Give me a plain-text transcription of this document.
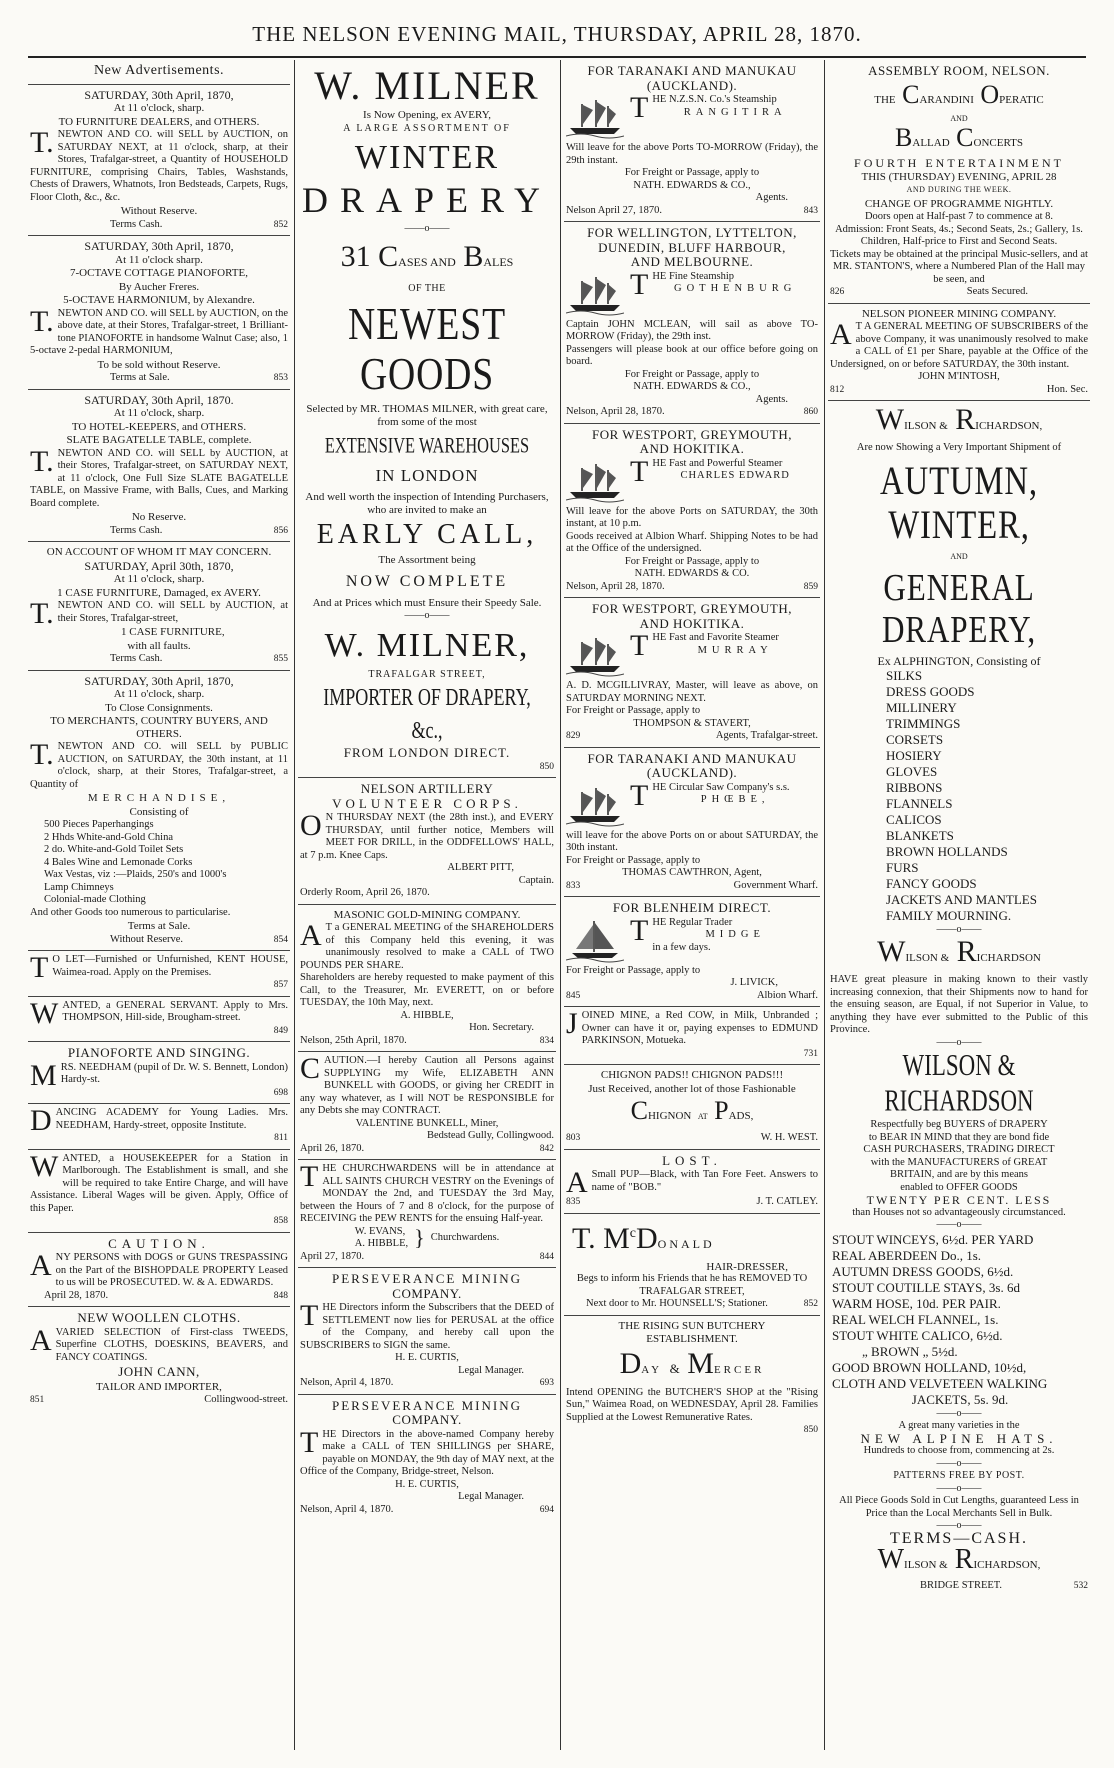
THE NELSON EVENING MAIL, THURSDAY, APRIL 28, 1870.
New Advertisements.
SATURDAY, 30th April, 1870,
At 11 o'clock, sharp.
TO FURNITURE DEALERS, and OTHERS.
T. NEWTON AND CO. will SELL by AUCTION, on SATURDAY NEXT, at 11 o'clock, sharp, at their Stores, Trafalgar-street, a Quantity of HOUSEHOLD FURNITURE, comprising Chairs, Tables, Washstands, Chests of Drawers, Whatnots, Iron Bedsteads, Carpets, Rugs, Floor Cloth, &c., &c.
Without Reserve.
Terms Cash.	852
SATURDAY, 30th April, 1870,
At 11 o'clock sharp.
7-OCTAVE COTTAGE PIANOFORTE,
By Aucher Freres.
5-OCTAVE HARMONIUM, by Alexandre.
T. NEWTON AND CO. will SELL by AUCTION, on the above date, at their Stores, Trafalgar-street, 1 Brilliant-tone PIANOFORTE in handsome Walnut Case; also, 1 5-octave 2-pedal HARMONIUM,
To be sold without Reserve.
Terms at Sale.	853
SATURDAY, 30th April, 1870.
At 11 o'clock, sharp.
TO HOTEL-KEEPERS, and OTHERS.
SLATE BAGATELLE TABLE, complete.
T. NEWTON AND CO. will SELL by AUCTION, at their Stores, Trafalgar-street, on SATURDAY NEXT, at 11 o'clock, One Full Size SLATE BAGATELLE TABLE, on Massive Frame, with Balls, Cues, and Marking Board complete.
No Reserve.
Terms Cash.	856
ON ACCOUNT OF WHOM IT MAY CONCERN.
SATURDAY, April 30th, 1870,
At 11 o'clock, sharp.
1 CASE FURNITURE, Damaged, ex AVERY.
T. NEWTON AND CO. will SELL by AUCTION, at their Stores, Trafalgar-street,
1 CASE FURNITURE,
with all faults.
Terms Cash.	855
SATURDAY, 30th April, 1870,
At 11 o'clock, sharp.
To Close Consignments.
TO MERCHANTS, COUNTRY BUYERS, AND OTHERS.
T. NEWTON AND CO. will SELL by PUBLIC AUCTION, on SATURDAY, the 30th instant, at 11 o'clock, sharp, at their Stores, Trafalgar-street, a Quantity of
MERCHANDISE,
Consisting of
500 Pieces Paperhangings
2 Hhds White-and-Gold China
2 do. White-and-Gold Toilet Sets
4 Bales Wine and Lemonade Corks
Wax Vestas, viz :—Plaids, 250's and 1000's
Lamp Chimneys
Colonial-made Clothing
And other Goods too numerous to particularise.
Terms at Sale.
Without Reserve.	854
T O LET—Furnished or Unfurnished, KENT HOUSE, Waimea-road. Apply on the Premises.
857
WANTED, a GENERAL SERVANT. Apply to Mrs. THOMPSON, Hill-side, Brougham-street.
849
PIANOFORTE AND SINGING.
MRS. NEEDHAM (pupil of Dr. W. S. Bennett, London) Hardy-st.
698
DANCING ACADEMY for Young Ladies. Mrs. NEEDHAM, Hardy-street, opposite Institute.
811
WANTED, a HOUSEKEEPER for a Station in Marlborough. The Establishment is small, and she will be required to take Entire Charge, and will have Assistance. Liberal Wages will be given. Apply, Office of this Paper.
858
CAUTION.
ANY PERSONS with DOGS or GUNS TRESPASSING on the Part of the BISHOPDALE PROPERTY Leased to us will be PROSECUTED. W. & A. EDWARDS.
April 28, 1870.	848
NEW WOOLLEN CLOTHS.
AVARIED SELECTION of First-class TWEEDS, Superfine CLOTHS, DOESKINS, BEAVERS, and FANCY COATINGS.
JOHN CANN,
TAILOR AND IMPORTER,
851	Collingwood-street.
W. MILNER
Is Now Opening, ex AVERY,
A LARGE ASSORTMENT OF
WINTER
DRAPERY
——o——
31 CASES AND BALES
OF THE
NEWEST GOODS
Selected by MR. THOMAS MILNER, with great care, from some of the most
EXTENSIVE WAREHOUSES
IN LONDON
And well worth the inspection of Intending Purchasers, who are invited to make an
EARLY CALL,
The Assortment being
NOW COMPLETE
And at Prices which must Ensure their Speedy Sale.
——o——
W. MILNER,
TRAFALGAR STREET,
IMPORTER OF DRAPERY, &c.,
FROM LONDON DIRECT.
850
NELSON ARTILLERY
VOLUNTEER CORPS.
O N THURSDAY NEXT (the 28th inst.), and EVERY THURSDAY, until further notice, Members will MEET FOR DRILL, in the ODDFELLOWS' HALL, at 7 p.m. Knee Caps.
ALBERT PITT,
Captain.
Orderly Room, April 26, 1870.
MASONIC GOLD-MINING COMPANY.
A T a GENERAL MEETING of the SHAREHOLDERS of this Company held this evening, it was unanimously resolved to make a CALL of TWO POUNDS PER SHARE.
Shareholders are hereby requested to make payment of this Call, to the Treasurer, Mr. EVERETT, on or before TUESDAY, the 10th May, next.
A. HIBBLE,
Hon. Secretary.
Nelson, 25th April, 1870.	834
CAUTION.—I hereby Caution all Persons against SUPPLYING my Wife, ELIZABETH ANN BUNKELL with GOODS, or giving her CREDIT in any way whatever, as I will NOT be RESPONSIBLE for any Debts she may CONTRACT.
VALENTINE BUNKELL, Miner,
Bedstead Gully, Collingwood.
April 26, 1870.	842
THE CHURCHWARDENS will be in attendance at ALL SAINTS CHURCH VESTRY on the Evenings of MONDAY the 2nd, and TUESDAY the 3rd May, between the Hours of 7 and 8 o'clock, for the purpose of RECEIVING the PEW RENTS for the ensuing Half-year.
W. EVANS,
A. HIBBLE, } Churchwardens.
April 27, 1870.	844
PERSEVERANCE MINING
COMPANY.
THE Directors inform the Subscribers that the DEED of SETTLEMENT now lies for PERUSAL at the office of the Company, and hereby call upon the SUBSCRIBERS to SIGN the same.
H. E. CURTIS,
Legal Manager.
Nelson, April 4, 1870.	693
PERSEVERANCE MINING
COMPANY.
THE Directors in the above-named Company hereby make a CALL of TEN SHILLINGS per SHARE, payable on MONDAY, the 9th day of MAY next, at the Office of the Company, Bridge-street, Nelson.
H. E. CURTIS,
Legal Manager.
Nelson, April 4, 1870.	694
FOR TARANAKI AND MANUKAU
(AUCKLAND).
THE N.Z.S.N. Co.'s Steamship
RANGITIRA
Will leave for the above Ports TO-MORROW (Friday), the 29th instant.
For Freight or Passage, apply to
NATH. EDWARDS & CO.,
Agents.
Nelson April 27, 1870.	843
FOR WELLINGTON, LYTTELTON,
DUNEDIN, BLUFF HARBOUR,
AND MELBOURNE.
THE Fine Steamship
GOTHENBURG
Captain JOHN MCLEAN, will sail as above TO-MORROW (Friday), the 29th inst.
Passengers will please book at our office before going on board.
For Freight or Passage, apply to
NATH. EDWARDS & CO.,
Agents.
Nelson, April 28, 1870.	860
FOR WESTPORT, GREYMOUTH,
AND HOKITIKA.
THE Fast and Powerful Steamer
CHARLES EDWARD
Will leave for the above Ports on SATURDAY, the 30th instant, at 10 p.m.
Goods received at Albion Wharf. Shipping Notes to be had at the Office of the undersigned.
For Freight or Passage, apply to
NATH. EDWARDS & CO.
Nelson, April 28, 1870.	859
FOR WESTPORT, GREYMOUTH,
AND HOKITIKA.
THE Fast and Favorite Steamer
MURRAY
A. D. MCGILLIVRAY, Master, will leave as above, on SATURDAY MORNING NEXT.
For Freight or Passage, apply to
THOMPSON & STAVERT,
829	Agents, Trafalgar-street.
FOR TARANAKI AND MANUKAU
(AUCKLAND).
THE Circular Saw Company's s.s.
PHŒBE,
will leave for the above Ports on or about SATURDAY, the 30th instant.
For Freight or Passage, apply to
THOMAS CAWTHRON, Agent,
833	Government Wharf.
FOR BLENHEIM DIRECT.
THE Regular Trader
MIDGE
in a few days.
For Freight or Passage, apply to
J. LIVICK,
845	Albion Wharf.
JOINED MINE, a Red COW, in Milk, Unbranded ; Owner can have it or, paying expenses to EDMUND PARKINSON, Motueka.
731
CHIGNON PADS!! CHIGNON PADS!!!
Just Received, another lot of those Fashionable
CHIGNON AT PADS,
803	W. H. WEST.
LOST.
A Small PUP—Black, with Tan Fore Feet. Answers to name of "BOB."
835	J. T. CATLEY.
T. $M^cDONALD$
HAIR-DRESSER,
Begs to inform his Friends that he has REMOVED TO TRAFALGAR STREET,
Next door to Mr. HOUNSELL'S; Stationer.	852
THE RISING SUN BUTCHERY
ESTABLISHMENT.
DAY & MERCER
Intend OPENING the BUTCHER'S SHOP at the "Rising Sun," Waimea Road, on WEDNESDAY, April 28. Families Supplied at the Lowest Remunerative Rates.
850
ASSEMBLY ROOM, NELSON.
THE CARANDINI OPERATIC
AND
BALLAD CONCERTS
FOURTH ENTERTAINMENT
THIS (THURSDAY) EVENING, APRIL 28
AND DURING THE WEEK.
CHANGE OF PROGRAMME NIGHTLY.
Doors open at Half-past 7 to commence at 8.
Admission: Front Seats, 4s.; Second Seats, 2s.; Gallery, 1s. Children, Half-price to First and Second Seats.
Tickets may be obtained at the principal Music-sellers, and at MR. STANTON'S, where a Numbered Plan of the Hall may be seen, and
826	Seats Secured.
NELSON PIONEER MINING COMPANY.
A T A GENERAL MEETING OF SUBSCRIBERS of the above Company, it was unanimously resolved to make a CALL of £1 per Share, payable at the Office of the Undersigned, on or before SATURDAY, the 30th instant.
JOHN M'INTOSH,
812	Hon. Sec.
WILSON & RICHARDSON,
Are now Showing a Very Important Shipment of
AUTUMN, WINTER,
AND
GENERAL DRAPERY,
Ex ALPHINGTON, Consisting of
SILKS
DRESS GOODS
MILLINERY
TRIMMINGS
CORSETS
HOSIERY
GLOVES
RIBBONS
FLANNELS
CALICOS
BLANKETS
BROWN HOLLANDS
FURS
FANCY GOODS
JACKETS AND MANTLES
FAMILY MOURNING.
——o——
WILSON & RICHARDSON
HAVE great pleasure in making known to their vastly increasing connexion, that their Shipments now to hand for the ensuing season, are Equal, if not Superior in Value, to anything they have ever submitted to the Public of this Province.
——o——
WILSON & RICHARDSON
Respectfully beg BUYERS of DRAPERY
to BEAR IN MIND that they are bond fide
CASH PURCHASERS, TRADING DIRECT
with the MANUFACTURERS of GREAT
BRITAIN, and are by this means
enabled to OFFER GOODS
TWENTY PER CENT. LESS
than Houses not so advantageously circumstanced.
——o——
STOUT WINCEYS, 6½d. PER YARD
REAL ABERDEEN Do., 1s.
AUTUMN DRESS GOODS, 6½d.
STOUT COUTILLE STAYS, 3s. 6d
WARM HOSE, 10d. PER PAIR.
REAL WELCH FLANNEL, 1s.
STOUT WHITE CALICO, 6½d.
„ BROWN „ 5½d.
GOOD BROWN HOLLAND, 10½d,
CLOTH AND VELVETEEN WALKING
JACKETS, 5s. 9d.
——o——
A great many varieties in the
NEW ALPINE HATS.
Hundreds to choose from, commencing at 2s.
——o——
PATTERNS FREE BY POST.
——o——
All Piece Goods Sold in Cut Lengths, guaranteed Less in Price than the Local Merchants Sell in Bulk.
——o——
TERMS—CASH.
WILSON & RICHARDSON,
BRIDGE STREET.	532
